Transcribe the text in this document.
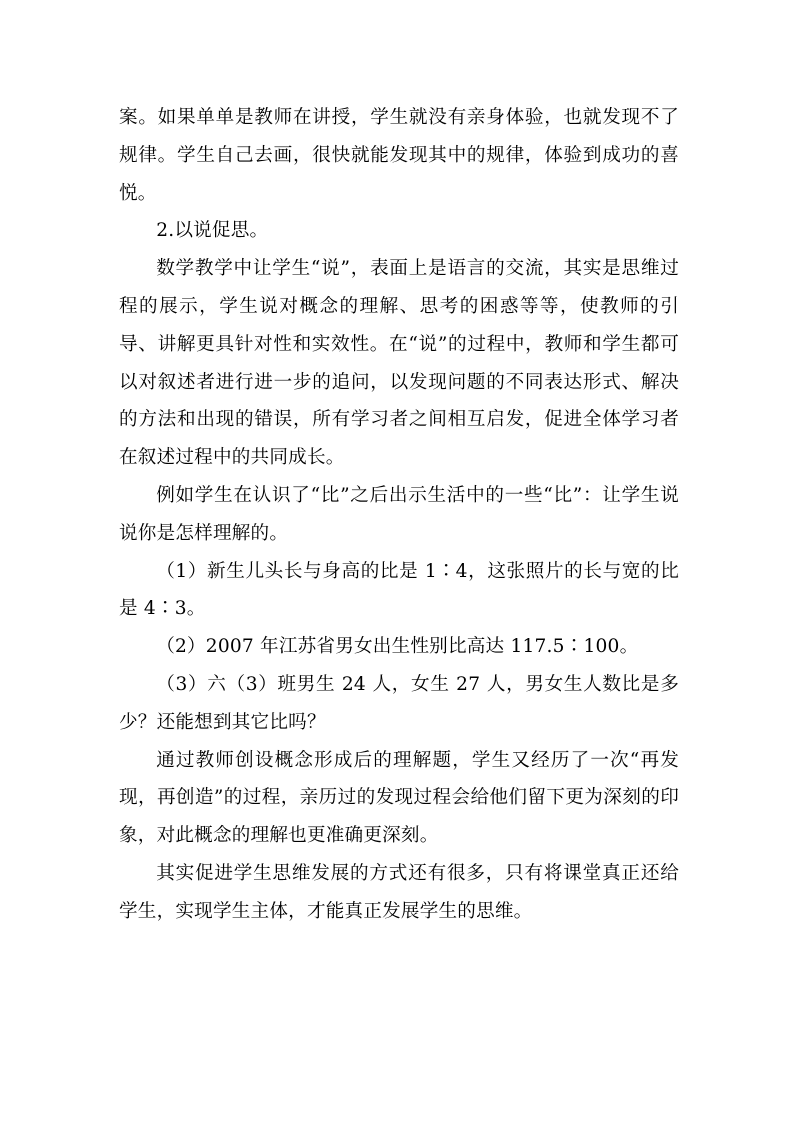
案。如果单单是教师在讲授，学生就没有亲身体验，也就发现不了规律。学生自己去画，很快就能发现其中的规律，体验到成功的喜悦。

2.以说促思。

数学教学中让学生“说”，表面上是语言的交流，其实是思维过程的展示，学生说对概念的理解、思考的困惑等等，使教师的引导、讲解更具针对性和实效性。在“说”的过程中，教师和学生都可以对叙述者进行进一步的追问，以发现问题的不同表达形式、解决的方法和出现的错误，所有学习者之间相互启发，促进全体学习者在叙述过程中的共同成长。

例如学生在认识了“比”之后出示生活中的一些“比”：让学生说说你是怎样理解的。

（1）新生儿头长与身高的比是 1∶4，这张照片的长与宽的比是 4∶3。

（2）2007 年江苏省男女出生性别比高达 117.5∶100。

（3）六（3）班男生 24 人，女生 27 人，男女生人数比是多少？还能想到其它比吗？

通过教师创设概念形成后的理解题，学生又经历了一次“再发现，再创造”的过程，亲历过的发现过程会给他们留下更为深刻的印象，对此概念的理解也更准确更深刻。

其实促进学生思维发展的方式还有很多，只有将课堂真正还给学生，实现学生主体，才能真正发展学生的思维。
